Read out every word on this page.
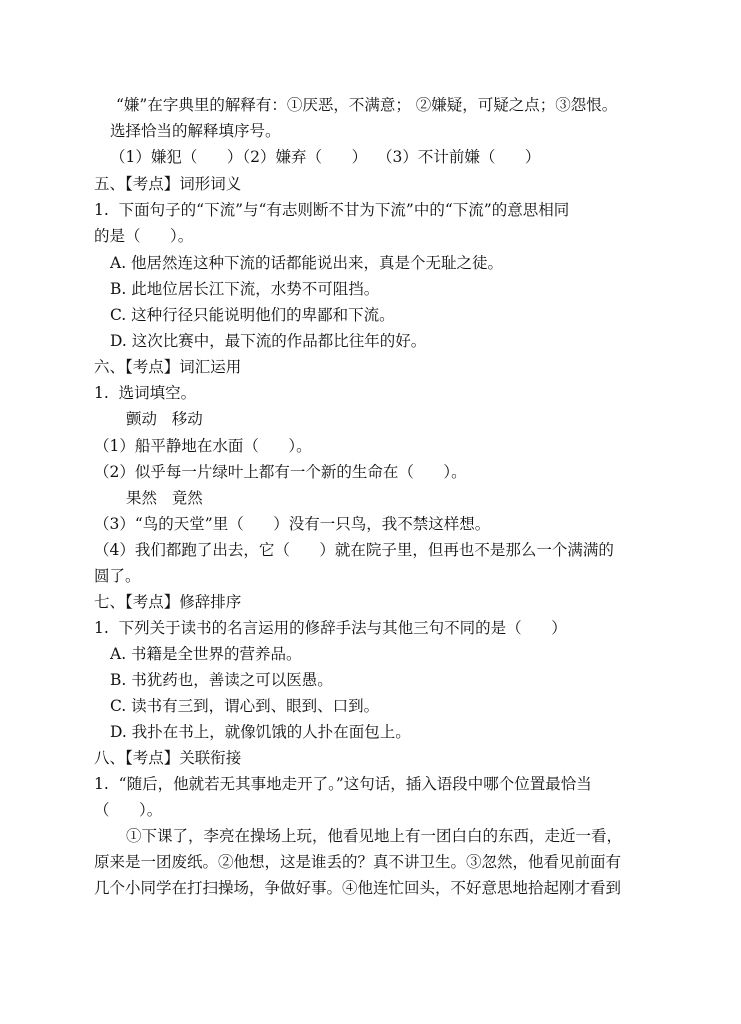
“嫌”在字典里的解释有：①厌恶，不满意； ②嫌疑，可疑之点；③怨恨。
选择恰当的解释填序号。
（1）嫌犯（      ）（2）嫌弃（      ）  （3）不计前嫌（      ）
五、【考点】词形词义
1.  下面句子的“下流”与“有志则断不甘为下流”中的“下流”的意思相同
的是（      ）。
A. 他居然连这种下流的话都能说出来，真是个无耻之徒。
B. 此地位居长江下流，水势不可阻挡。
C. 这种行径只能说明他们的卑鄙和下流。
D. 这次比赛中，最下流的作品都比往年的好。
六、【考点】词汇运用
1.  选词填空。
颤动   移动
（1）船平静地在水面（      ）。
（2）似乎每一片绿叶上都有一个新的生命在（      ）。
果然   竟然
（3）“鸟的天堂”里（      ）没有一只鸟，我不禁这样想。
（4）我们都跑了出去，它（      ）就在院子里，但再也不是那么一个满满的
圆了。
七、【考点】修辞排序
1.  下列关于读书的名言运用的修辞手法与其他三句不同的是（      ）
A. 书籍是全世界的营养品。
B. 书犹药也，善读之可以医愚。
C. 读书有三到，谓心到、眼到、口到。
D. 我扑在书上，就像饥饿的人扑在面包上。
八、【考点】关联衔接
1.  “随后，他就若无其事地走开了。”这句话，插入语段中哪个位置最恰当
（      ）。
①下课了，李亮在操场上玩，他看见地上有一团白白的东西，走近一看，
原来是一团废纸。②他想，这是谁丢的？真不讲卫生。③忽然，他看见前面有
几个小同学在打扫操场，争做好事。④他连忙回头，不好意思地拾起刚才看到
